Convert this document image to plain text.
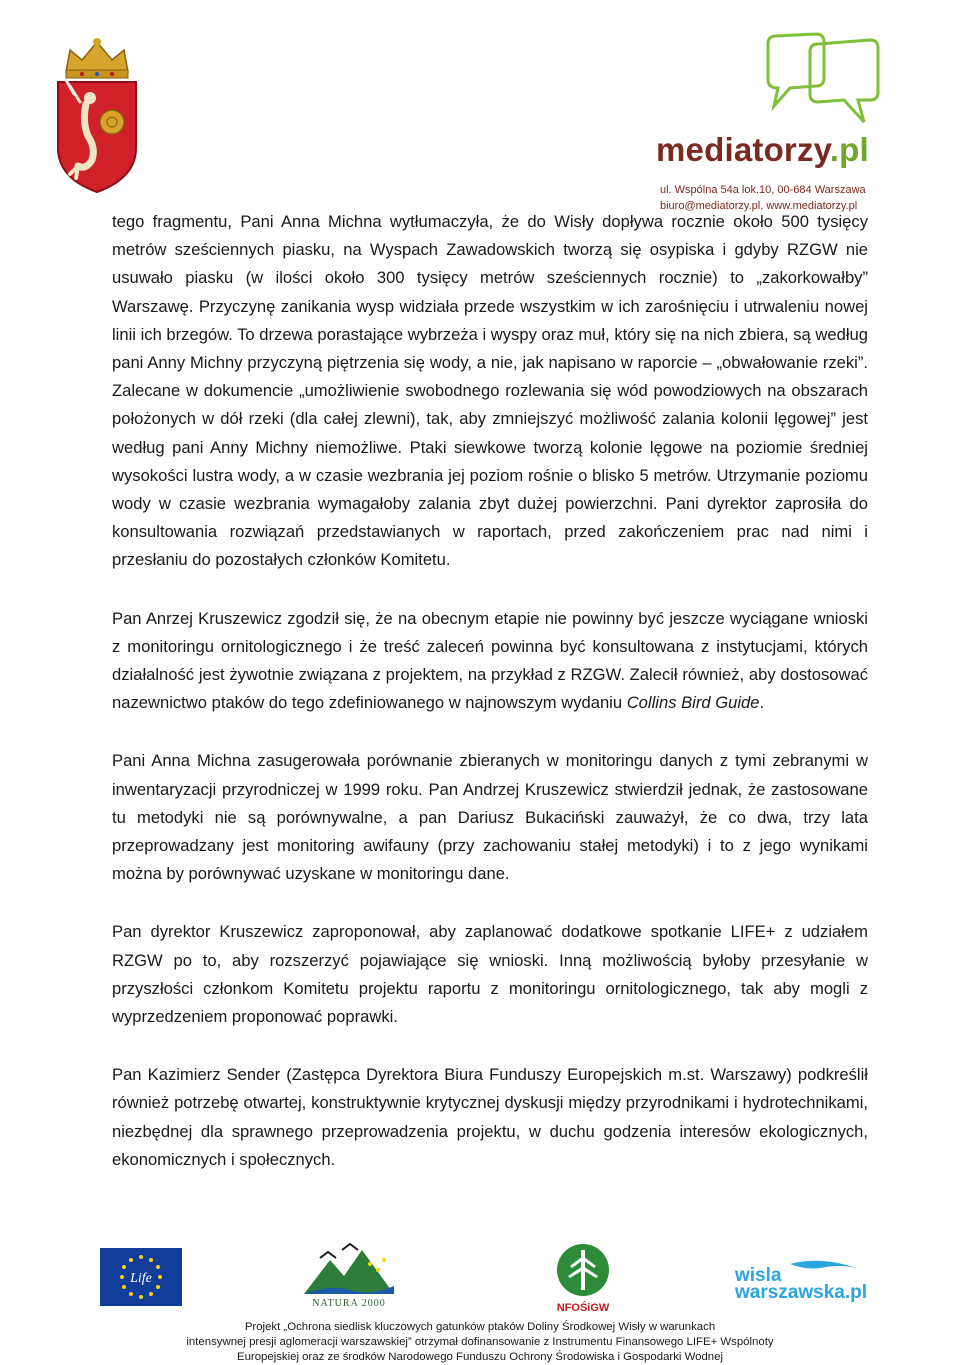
mediatorzy.pl
ul. Wspólna 54a lok.10, 00-684 Warszawa
biuro@mediatorzy.pl, www.mediatorzy.pl

tego fragmentu, Pani Anna Michna wytłumaczyła, że do Wisły dopływa rocznie około 500 tysięcy metrów sześciennych piasku, na Wyspach Zawadowskich tworzą się osypiska i gdyby RZGW nie usuwało piasku (w ilości około 300 tysięcy metrów sześciennych rocznie) to „zakorkowałby” Warszawę. Przyczynę zanikania wysp widziała przede wszystkim w ich zarośnięciu i utrwaleniu nowej linii ich brzegów. To drzewa porastające wybrzeża i wyspy oraz muł, który się na nich zbiera, są według pani Anny Michny przyczyną piętrzenia się wody, a nie, jak napisano w raporcie – „obwałowanie rzeki”. Zalecane w dokumencie „umożliwienie swobodnego rozlewania się wód powodziowych na obszarach położonych w dół rzeki (dla całej zlewni), tak, aby zmniejszyć możliwość zalania kolonii lęgowej” jest według pani Anny Michny niemożliwe. Ptaki siewkowe tworzą kolonie lęgowe na poziomie średniej wysokości lustra wody, a w czasie wezbrania jej poziom rośnie o blisko 5 metrów. Utrzymanie poziomu wody w czasie wezbrania wymagałoby zalania zbyt dużej powierzchni. Pani dyrektor zaprosiła do konsultowania rozwiązań przedstawianych w raportach, przed zakończeniem prac nad nimi i przesłaniu do pozostałych członków Komitetu.

Pan Anrzej Kruszewicz zgodził się, że na obecnym etapie nie powinny być jeszcze wyciągane wnioski z monitoringu ornitologicznego i że treść zaleceń powinna być konsultowana z instytucjami, których działalność jest żywotnie związana z projektem, na przykład z RZGW. Zalecił również, aby dostosować nazewnictwo ptaków do tego zdefiniowanego w najnowszym wydaniu Collins Bird Guide.

Pani Anna Michna zasugerowała porównanie zbieranych w monitoringu danych z tymi zebranymi w inwentaryzacji przyrodniczej w 1999 roku. Pan Andrzej Kruszewicz stwierdził jednak, że zastosowane tu metodyki nie są porównywalne, a pan Dariusz Bukaciński zauważył, że co dwa, trzy lata przeprowadzany jest monitoring awifauny (przy zachowaniu stałej metodyki) i to z jego wynikami można by porównywać uzyskane w monitoringu dane.

Pan dyrektor Kruszewicz zaproponował, aby zaplanować dodatkowe spotkanie LIFE+ z udziałem RZGW po to, aby rozszerzyć pojawiające się wnioski. Inną możliwością byłoby przesyłanie w przyszłości członkom Komitetu projektu raportu z monitoringu ornitologicznego, tak aby mogli z wyprzedzeniem proponować poprawki.

Pan Kazimierz Sender (Zastępca Dyrektora Biura Funduszy Europejskich m.st. Warszawy) podkreślił również potrzebę otwartej, konstruktywnie krytycznej dyskusji między przyrodnikami i hydrotechnikami, niezbędnej dla sprawnego przeprowadzenia projektu, w duchu godzenia interesów ekologicznych, ekonomicznych i społecznych.

Life
NATURA 2000	NFOŚiGW
wisla
warszawska.pl
Projekt „Ochrona siedlisk kluczowych gatunków ptaków Doliny Środkowej Wisły w warunkach
intensywnej presji aglomeracji warszawskiej” otrzymał dofinansowanie z Instrumentu Finansowego LIFE+ Wspólnoty
Europejskiej oraz ze środków Narodowego Funduszu Ochrony Środowiska i Gospodarki Wodnej
